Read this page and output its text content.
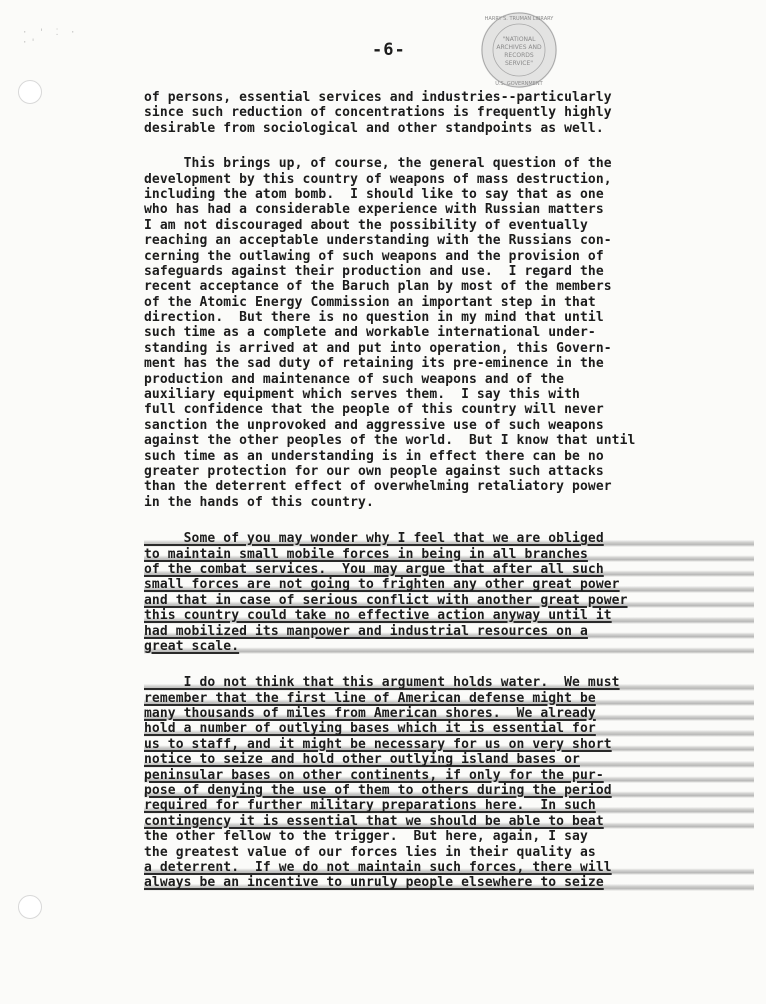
· ' ⁚ · ·'	-6-
"NATIONAL
ARCHIVES AND
RECORDS
SERVICE"
HARRY S. TRUMAN LIBRARY
U.S. GOVERNMENT
of persons, essential services and industries--particularly
since such reduction of concentrations is frequently highly
desirable from sociological and other standpoints as well.
This brings up, of course, the general question of the
development by this country of weapons of mass destruction,
including the atom bomb.  I should like to say that as one
who has had a considerable experience with Russian matters
I am not discouraged about the possibility of eventually
reaching an acceptable understanding with the Russians con-
cerning the outlawing of such weapons and the provision of
safeguards against their production and use.  I regard the
recent acceptance of the Baruch plan by most of the members
of the Atomic Energy Commission an important step in that
direction.  But there is no question in my mind that until
such time as a complete and workable international under-
standing is arrived at and put into operation, this Govern-
ment has the sad duty of retaining its pre-eminence in the
production and maintenance of such weapons and of the
auxiliary equipment which serves them.  I say this with
full confidence that the people of this country will never
sanction the unprovoked and aggressive use of such weapons
against the other peoples of the world.  But I know that until
such time as an understanding is in effect there can be no
greater protection for our own people against such attacks
than the deterrent effect of overwhelming retaliatory power
in the hands of this country.
Some of you may wonder why I feel that we are obliged
to maintain small mobile forces in being in all branches
of the combat services.  You may argue that after all such
small forces are not going to frighten any other great power
and that in case of serious conflict with another great power
this country could take no effective action anyway until it
had mobilized its manpower and industrial resources on a
great scale.
I do not think that this argument holds water.  We must
remember that the first line of American defense might be
many thousands of miles from American shores.  We already
hold a number of outlying bases which it is essential for
us to staff, and it might be necessary for us on very short
notice to seize and hold other outlying island bases or
peninsular bases on other continents, if only for the pur-
pose of denying the use of them to others during the period
required for further military preparations here.  In such
contingency it is essential that we should be able to beat
the other fellow to the trigger.  But here, again, I say
the greatest value of our forces lies in their quality as
a deterrent.  If we do not maintain such forces, there will
always be an incentive to unruly people elsewhere to seize
